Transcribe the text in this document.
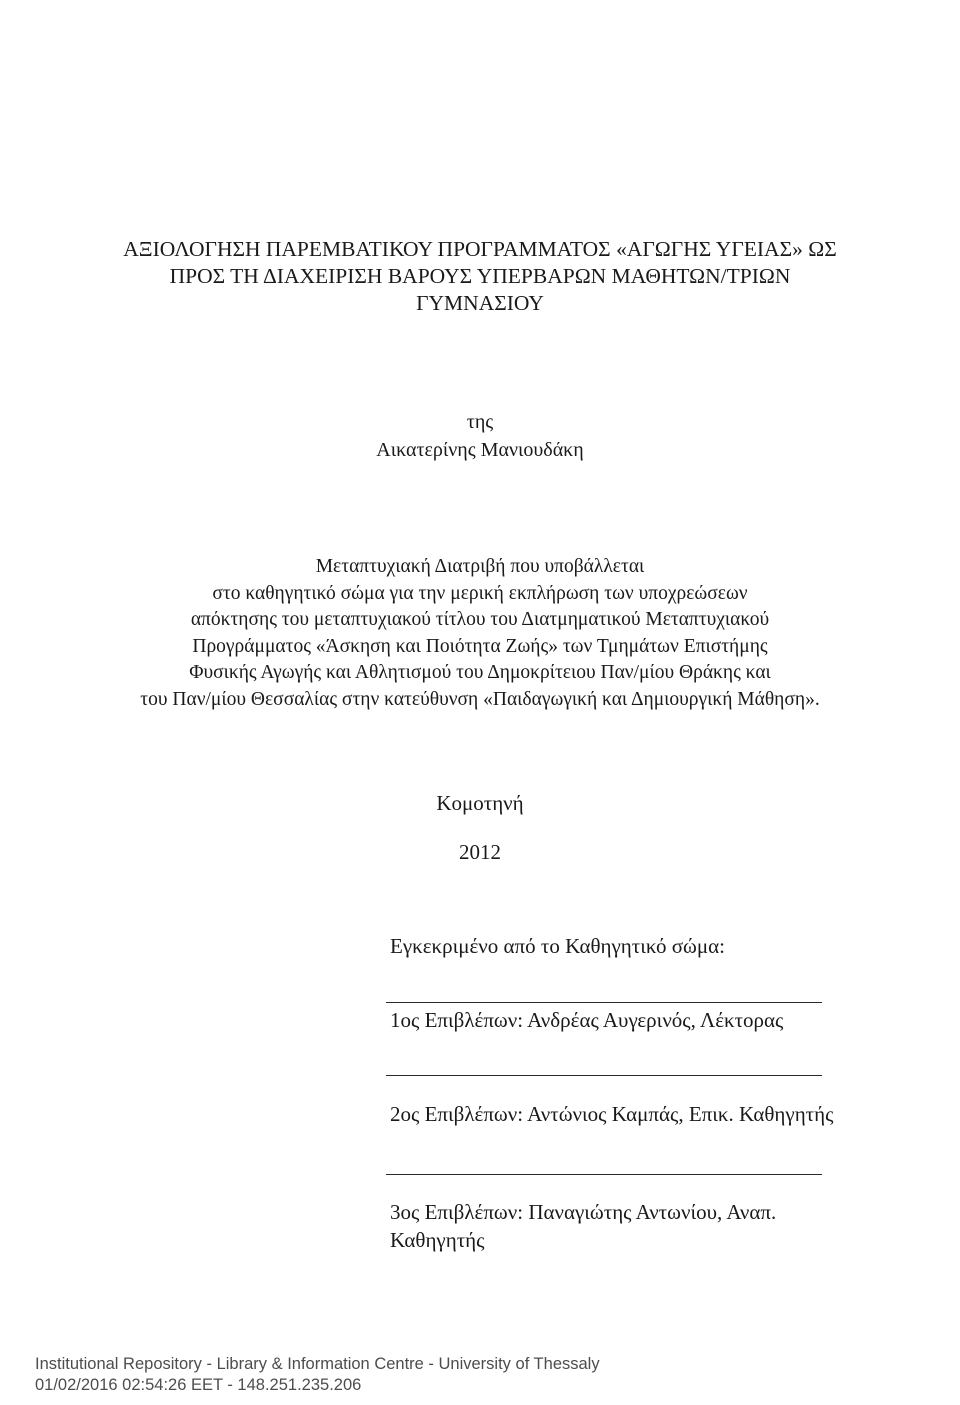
ΑΞΙΟΛΟΓΗΣΗ ΠΑΡΕΜΒΑΤΙΚΟΥ ΠΡΟΓΡΑΜΜΑΤΟΣ «ΑΓΩΓΗΣ ΥΓΕΙΑΣ» ΩΣ
ΠΡΟΣ ΤΗ ΔΙΑΧΕΙΡΙΣΗ ΒΑΡΟΥΣ ΥΠΕΡΒΑΡΩΝ ΜΑΘΗΤΩΝ/ΤΡΙΩΝ
ΓΥΜΝΑΣΙΟΥ
της
Αικατερίνης Μανιουδάκη
Μεταπτυχιακή Διατριβή που υποβάλλεται
στο καθηγητικό σώμα για την μερική εκπλήρωση των υποχρεώσεων
απόκτησης του μεταπτυχιακού τίτλου του Διατμηματικού Μεταπτυχιακού
Προγράμματος «Άσκηση και Ποιότητα Ζωής» των Τμημάτων Επιστήμης
Φυσικής Αγωγής και Αθλητισμού του Δημοκρίτειου Παν/μίου Θράκης και
του Παν/μίου Θεσσαλίας στην κατεύθυνση «Παιδαγωγική και Δημιουργική Μάθηση».
Κομοτηνή
2012
Εγκεκριμένο από το Καθηγητικό σώμα:
1ος Επιβλέπων: Ανδρέας Αυγερινός, Λέκτορας
2ος Επιβλέπων: Αντώνιος Καμπάς, Επικ. Καθηγητής
3ος Επιβλέπων: Παναγιώτης Αντωνίου, Αναπ.
Καθηγητής
Institutional Repository - Library & Information Centre - University of Thessaly
01/02/2016 02:54:26 EET - 148.251.235.206
